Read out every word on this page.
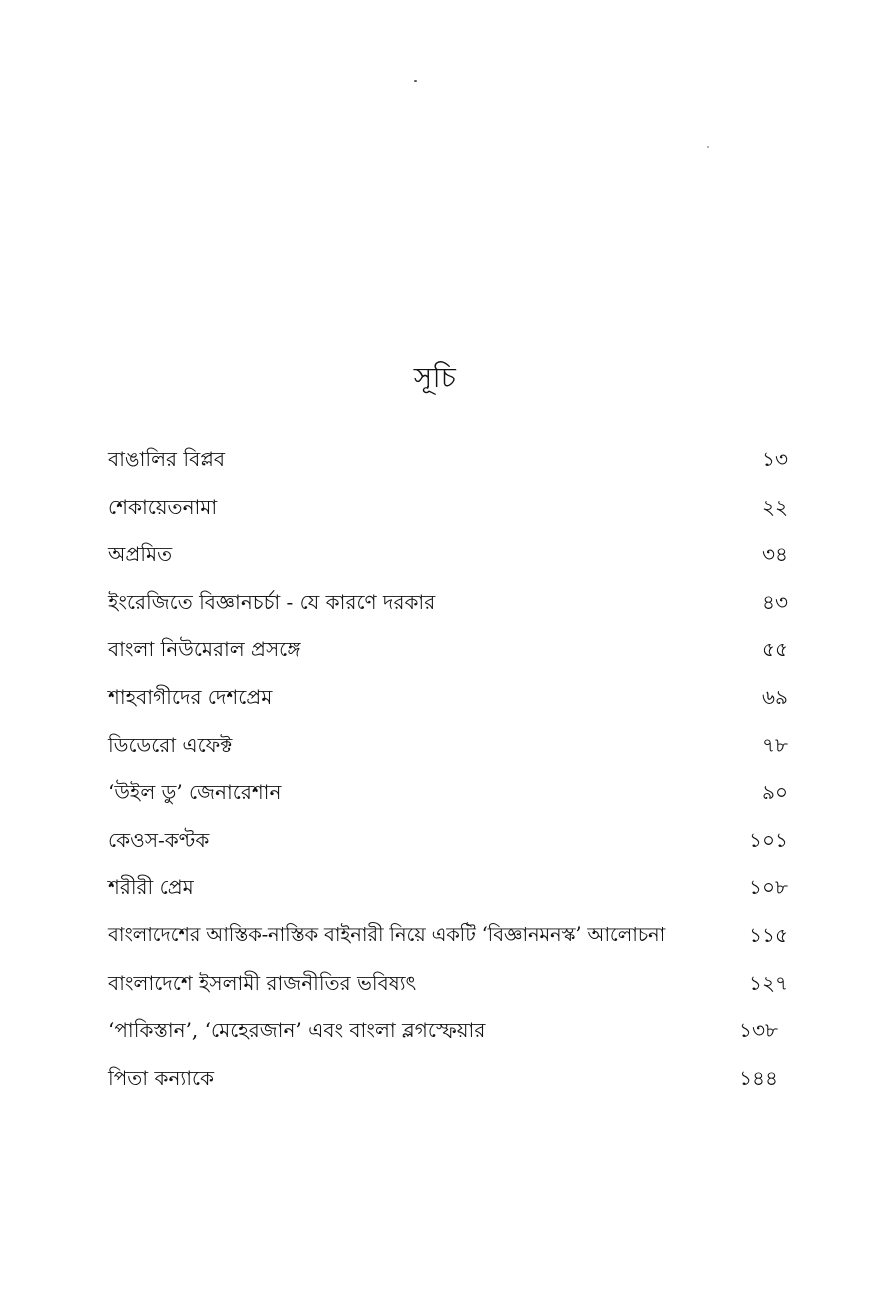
সূচি
বাঙালির বিপ্লব	১৩
শেকায়েতনামা	২২
অপ্রমিত	৩৪
ইংরেজিতে বিজ্ঞানচর্চা - যে কারণে দরকার	৪৩
বাংলা নিউমেরাল প্রসঙ্গে	৫৫
শাহবাগীদের দেশপ্রেম	৬৯
ডিডেরো এফেক্ট	৭৮
‘উইল ডু’ জেনারেশান	৯০
কেওস-কণ্টক	১০১
শরীরী প্রেম	১০৮
বাংলাদেশের আস্তিক-নাস্তিক বাইনারী নিয়ে একটি ‘বিজ্ঞানমনস্ক’ আলোচনা	১১৫
বাংলাদেশে ইসলামী রাজনীতির ভবিষ্যৎ	১২৭
‘পাকিস্তান’, ‘মেহেরজান’ এবং বাংলা ব্লগস্ফেয়ার	১৩৮
পিতা কন্যাকে	১৪৪
